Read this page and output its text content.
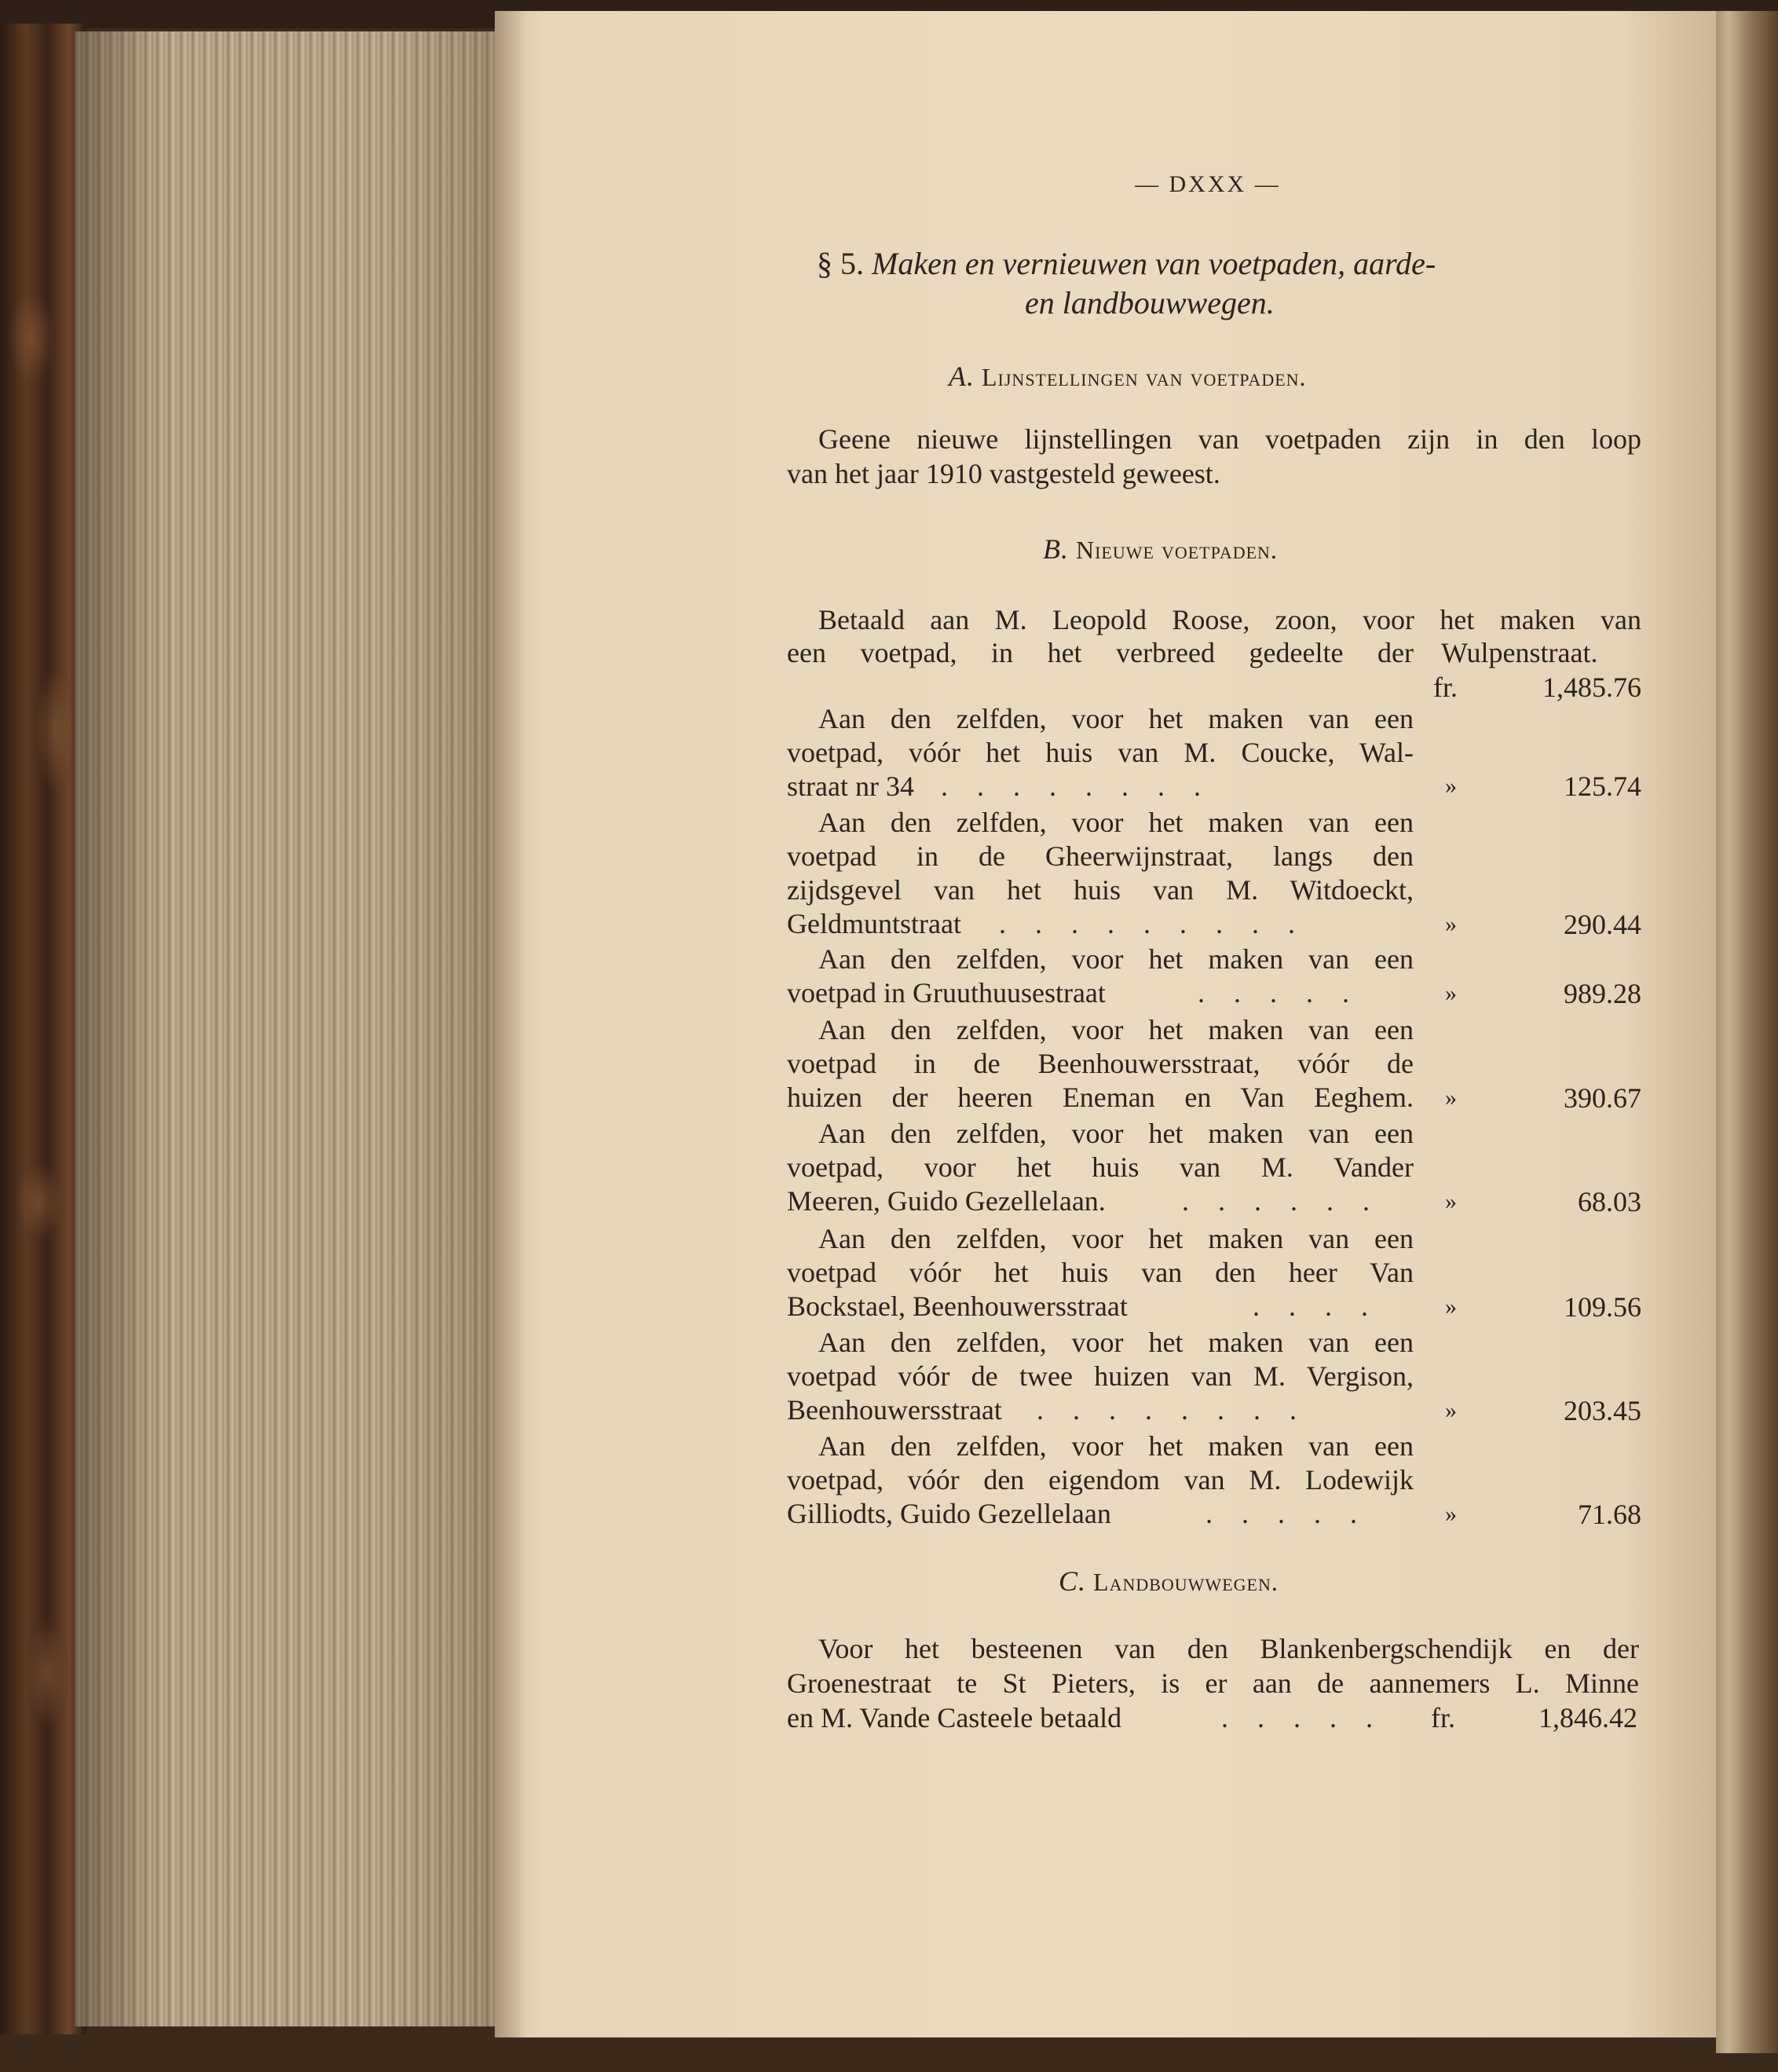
— DXXX —
§ 5. Maken en vernieuwen van voetpaden, aarde-
en landbouwwegen.
A. Lijnstellingen van voetpaden.
Geene nieuwe lijnstellingen van voetpaden zijn in den loop
van het jaar 1910 vastgesteld geweest.
B. Nieuwe voetpaden.
Betaald aan M. Leopold Roose, zoon, voor het maken van
een voetpad, in het verbreed gedeelte der Wulpenstraat.
fr.	1,485.76
Aan den zelfden, voor het maken van een
voetpad, vóór het huis van M. Coucke, Wal-
straat nr 34 . . . . . . . .	»	125.74
Aan den zelfden, voor het maken van een
voetpad in de Gheerwijnstraat, langs den
zijdsgevel van het huis van M. Witdoeckt,
Geldmuntstraat . . . . . . . . .	»	290.44
Aan den zelfden, voor het maken van een
voetpad in Gruuthuusestraat	. . . . .	»	989.28
Aan den zelfden, voor het maken van een
voetpad in de Beenhouwersstraat, vóór de
huizen der heeren Eneman en Van Eeghem. »	390.67
Aan den zelfden, voor het maken van een
voetpad, voor het huis van M. Vander
Meeren, Guido Gezellelaan.	. . . . . .	»	68.03
Aan den zelfden, voor het maken van een
voetpad vóór het huis van den heer Van
Bockstael, Beenhouwersstraat	. . . .	»	109.56
Aan den zelfden, voor het maken van een
voetpad vóór de twee huizen van M. Vergison,
Beenhouwersstraat . . . . . . . .	»	203.45
Aan den zelfden, voor het maken van een
voetpad, vóór den eigendom van M. Lodewijk
Gilliodts, Guido Gezellelaan	. . . . .	»	71.68
C. Landbouwwegen.
Voor het besteenen van den Blankenbergschendijk en der
Groenestraat te St Pieters, is er aan de aannemers L. Minne
en M. Vande Casteele betaald	. . . . . fr.	1,846.42
